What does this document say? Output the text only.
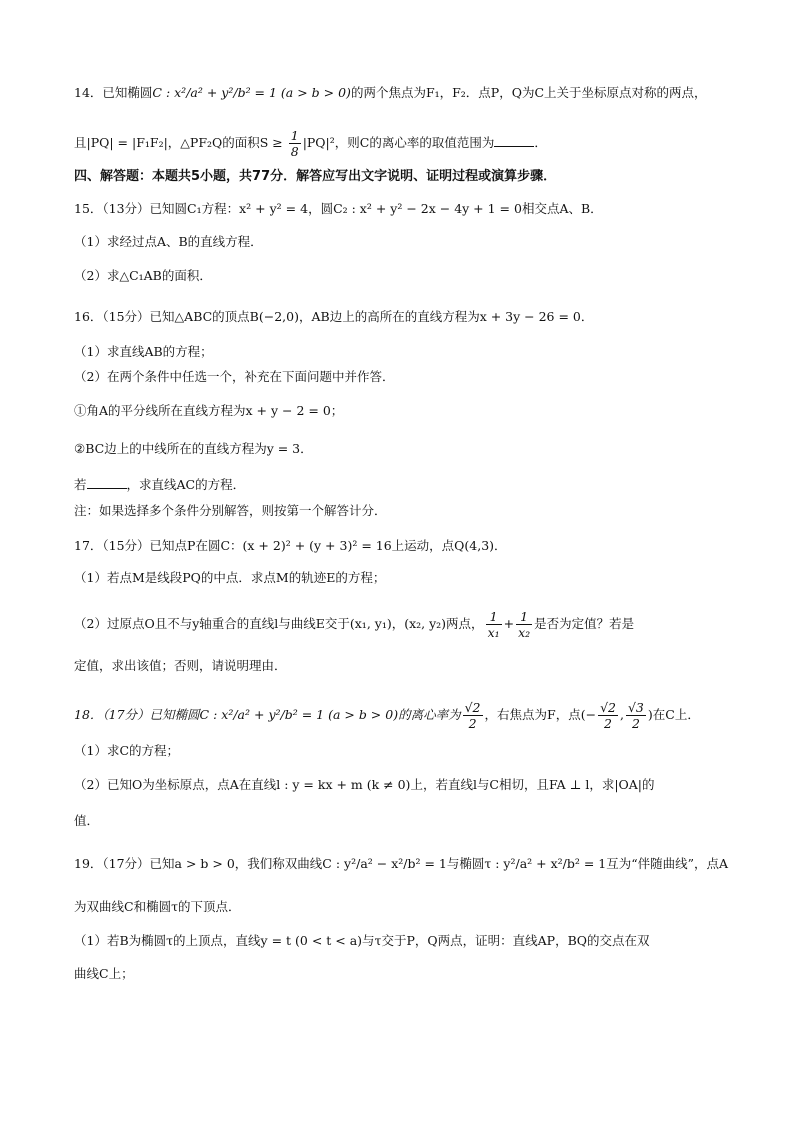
14．已知椭圆C : x²/a² + y²/b² = 1 (a > b > 0)的两个焦点为F₁，F₂．点P，Q为C上关于坐标原点对称的两点，
且|PQ| = |F₁F₂|，△PF₂Q的面积$S \ge \frac{1}{8} |PQ|^2$，则C的离心率的取值范围为	．
四、解答题：本题共5小题，共77分．解答应写出文字说明、证明过程或演算步骤．
15．（13分）已知圆C₁方程：x² + y² = 4，圆C₂ : x² + y² − 2x − 4y + 1 = 0相交点A、B．
（1）求经过点A、B的直线方程．
（2）求△C₁AB的面积．
16．（15分）已知△ABC的顶点B(−2,0)，AB边上的高所在的直线方程为x + 3y − 26 = 0．
（1）求直线AB的方程；
（2）在两个条件中任选一个，补充在下面问题中并作答．
①角A的平分线所在直线方程为x + y − 2 = 0；
②BC边上的中线所在的直线方程为y = 3．
若	，求直线AC的方程．
注：如果选择多个条件分别解答，则按第一个解答计分．
17．（15分）已知点P在圆C：(x + 2)² + (y + 3)² = 16上运动，点Q(4,3)．
（1）若点M是线段PQ的中点．求点M的轨迹E的方程；
（2）过原点O且不与y轴重合的直线l与曲线E交于(x₁, y₁)，(x₂, y₂)两点， $\frac{1}{\text{x₁}} + \frac{1}{\text{x₂}}$ 是否为定值？若是
定值，求出该值；否则，请说明理由．
18．（17分）已知椭圆C : x²/a² + y²/b² = 1 (a > b > 0)的离心率为 $\frac{√2}{2}$ ，右焦点为F，点(− $\frac{√2}{2}$ , $\frac{√3}{2}$ )在C上．
（1）求C的方程；
（2）已知O为坐标原点，点A在直线l : y = kx + m (k ≠ 0)上，若直线l与C相切，且FA ⊥ l，求|OA|的
值．
19．（17分）已知a > b > 0，我们称双曲线C : y²/a² − x²/b² = 1与椭圆τ : y²/a² + x²/b² = 1互为“伴随曲线”，点A
为双曲线C和椭圆τ的下顶点．
（1）若B为椭圆τ的上顶点，直线y = t (0 < t < a)与τ交于P，Q两点，证明：直线AP，BQ的交点在双
曲线C上；
